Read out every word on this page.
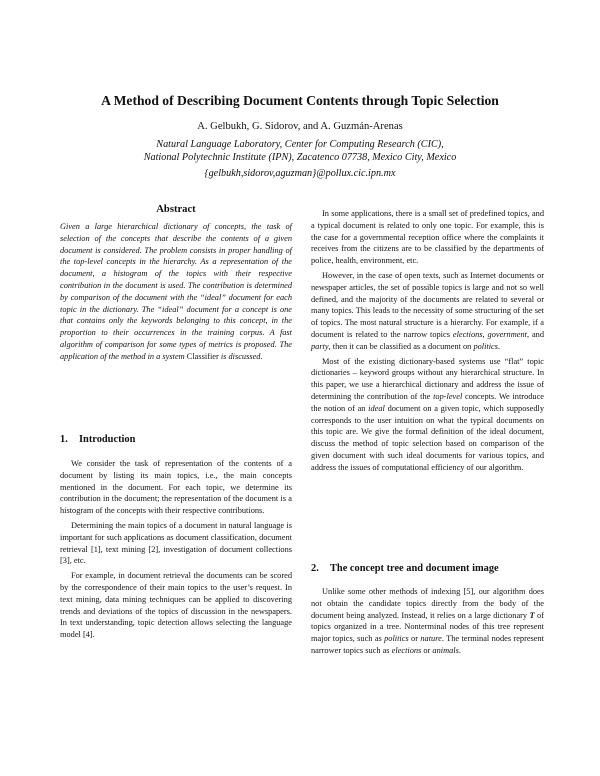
A Method of Describing Document Contents through Topic Selection
A. Gelbukh, G. Sidorov, and A. Guzmán-Arenas
Natural Language Laboratory, Center for Computing Research (CIC),
National Polytechnic Institute (IPN), Zacatenco 07738, Mexico City, Mexico
{gelbukh,sidorov,aguzman}@pollux.cic.ipn.mx
Abstract
Given a large hierarchical dictionary of concepts, the task of selection of the concepts that describe the contents of a given document is considered. The problem consists in proper handling of the top-level concepts in the hierarchy. As a representation of the document, a histogram of the topics with their respective contribution in the document is used. The contribution is determined by comparison of the document with the “ideal” document for each topic in the dictionary. The “ideal” document for a concept is one that contains only the keywords belonging to this concept, in the proportion to their occurrences in the training corpus. A fast algorithm of comparison for some types of metrics is proposed. The application of the method in a system Classifier is discussed.
1. Introduction

We consider the task of representation of the contents of a document by listing its main topics, i.e., the main concepts mentioned in the document. For each topic, we determine its contribution in the document; the representation of the document is a histogram of the concepts with their respective contributions.

Determining the main topics of a document in natural language is important for such applications as document classification, document retrieval [1], text mining [2], investigation of document collections [3], etc.

For example, in document retrieval the documents can be scored by the correspondence of their main topics to the user’s request. In text mining, data mining techniques can be applied to discovering trends and deviations of the topics of discussion in the newspapers. In text understanding, topic detection allows selecting the language model [4].

In some applications, there is a small set of predefined topics, and a typical document is related to only one topic. For example, this is the case for a governmental reception office where the complaints it receives from the citizens are to be classified by the departments of police, health, environment, etc.

However, in the case of open texts, such as Internet documents or newspaper articles, the set of possible topics is large and not so well defined, and the majority of the documents are related to several or many topics. This leads to the necessity of some structuring of the set of topics. The most natural structure is a hierarchy. For example, if a document is related to the narrow topics elections, government, and party, then it can be classified as a document on politics.

Most of the existing dictionary-based systems use “flat” topic dictionaries – keyword groups without any hierarchical structure. In this paper, we use a hierarchical dictionary and address the issue of determining the contribution of the top-level concepts. We introduce the notion of an ideal document on a given topic, which supposedly corresponds to the user intuition on what the typical documents on this topic are. We give the formal definition of the ideal document, discuss the method of topic selection based on comparison of the given document with such ideal documents for various topics, and address the issues of computational efficiency of our algorithm.

2. The concept tree and document image

Unlike some other methods of indexing [5], our algorithm does not obtain the candidate topics directly from the body of the document being analyzed. Instead, it relies on a large dictionary T of topics organized in a tree. Nonterminal nodes of this tree represent major topics, such as politics or nature. The terminal nodes represent narrower topics such as elections or animals.
